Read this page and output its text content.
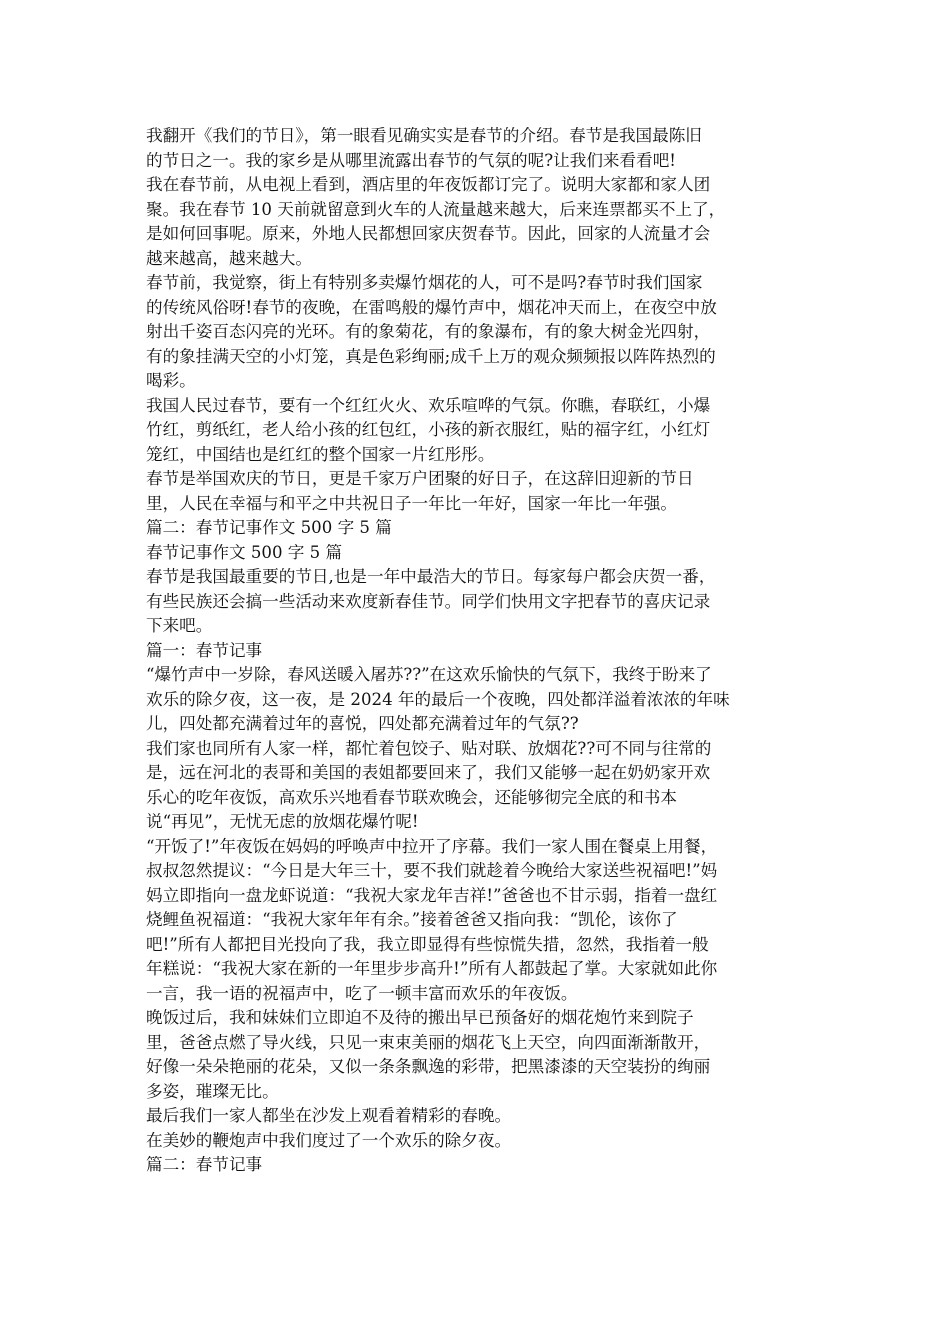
我翻开《我们的节日》，第一眼看见确实实是春节的介绍。春节是我国最陈旧
的节日之一。我的家乡是从哪里流露出春节的气氛的呢?让我们来看看吧!
我在春节前，从电视上看到，酒店里的年夜饭都订完了。说明大家都和家人团
聚。我在春节 10 天前就留意到火车的人流量越来越大，后来连票都买不上了，
是如何回事呢。原来，外地人民都想回家庆贺春节。因此，回家的人流量才会
越来越高，越来越大。
春节前，我觉察，街上有特别多卖爆竹烟花的人，可不是吗?春节时我们国家
的传统风俗呀!春节的夜晚，在雷鸣般的爆竹声中，烟花冲天而上，在夜空中放
射出千姿百态闪亮的光环。有的象菊花，有的象瀑布，有的象大树金光四射，
有的象挂满天空的小灯笼，真是色彩绚丽;成千上万的观众频频报以阵阵热烈的
喝彩。
我国人民过春节，要有一个红红火火、欢乐喧哗的气氛。你瞧，春联红，小爆
竹红，剪纸红，老人给小孩的红包红，小孩的新衣服红，贴的福字红，小红灯
笼红，中国结也是红红的整个国家一片红彤彤。
春节是举国欢庆的节日，更是千家万户团聚的好日子，在这辞旧迎新的节日
里，人民在幸福与和平之中共祝日子一年比一年好，国家一年比一年强。
篇二：春节记事作文 500 字 5 篇
春节记事作文 500 字 5 篇
春节是我国最重要的节日,也是一年中最浩大的节日。每家每户都会庆贺一番，
有些民族还会搞一些活动来欢度新春佳节。同学们快用文字把春节的喜庆记录
下来吧。
篇一：春节记事
“爆竹声中一岁除，春风送暖入屠苏??”在这欢乐愉快的气氛下，我终于盼来了
欢乐的除夕夜，这一夜，是 2024 年的最后一个夜晚，四处都洋溢着浓浓的年味
儿，四处都充满着过年的喜悦，四处都充满着过年的气氛??
我们家也同所有人家一样，都忙着包饺子、贴对联、放烟花??可不同与往常的
是，远在河北的表哥和美国的表姐都要回来了，我们又能够一起在奶奶家开欢
乐心的吃年夜饭，高欢乐兴地看春节联欢晚会，还能够彻完全底的和书本
说“再见”，无忧无虑的放烟花爆竹呢!
“开饭了!”年夜饭在妈妈的呼唤声中拉开了序幕。我们一家人围在餐桌上用餐，
叔叔忽然提议：“今日是大年三十，要不我们就趁着今晚给大家送些祝福吧!”妈
妈立即指向一盘龙虾说道：“我祝大家龙年吉祥!”爸爸也不甘示弱，指着一盘红
烧鲤鱼祝福道：“我祝大家年年有余。”接着爸爸又指向我：“凯伦，该你了
吧!”所有人都把目光投向了我，我立即显得有些惊慌失措，忽然，我指着一般
年糕说：“我祝大家在新的一年里步步高升!”所有人都鼓起了掌。大家就如此你
一言，我一语的祝福声中，吃了一顿丰富而欢乐的年夜饭。
晚饭过后，我和妹妹们立即迫不及待的搬出早已预备好的烟花炮竹来到院子
里，爸爸点燃了导火线，只见一束束美丽的烟花飞上天空，向四面渐渐散开，
好像一朵朵艳丽的花朵，又似一条条飘逸的彩带，把黑漆漆的天空装扮的绚丽
多姿，璀璨无比。
最后我们一家人都坐在沙发上观看着精彩的春晚。
在美妙的鞭炮声中我们度过了一个欢乐的除夕夜。
篇二：春节记事
